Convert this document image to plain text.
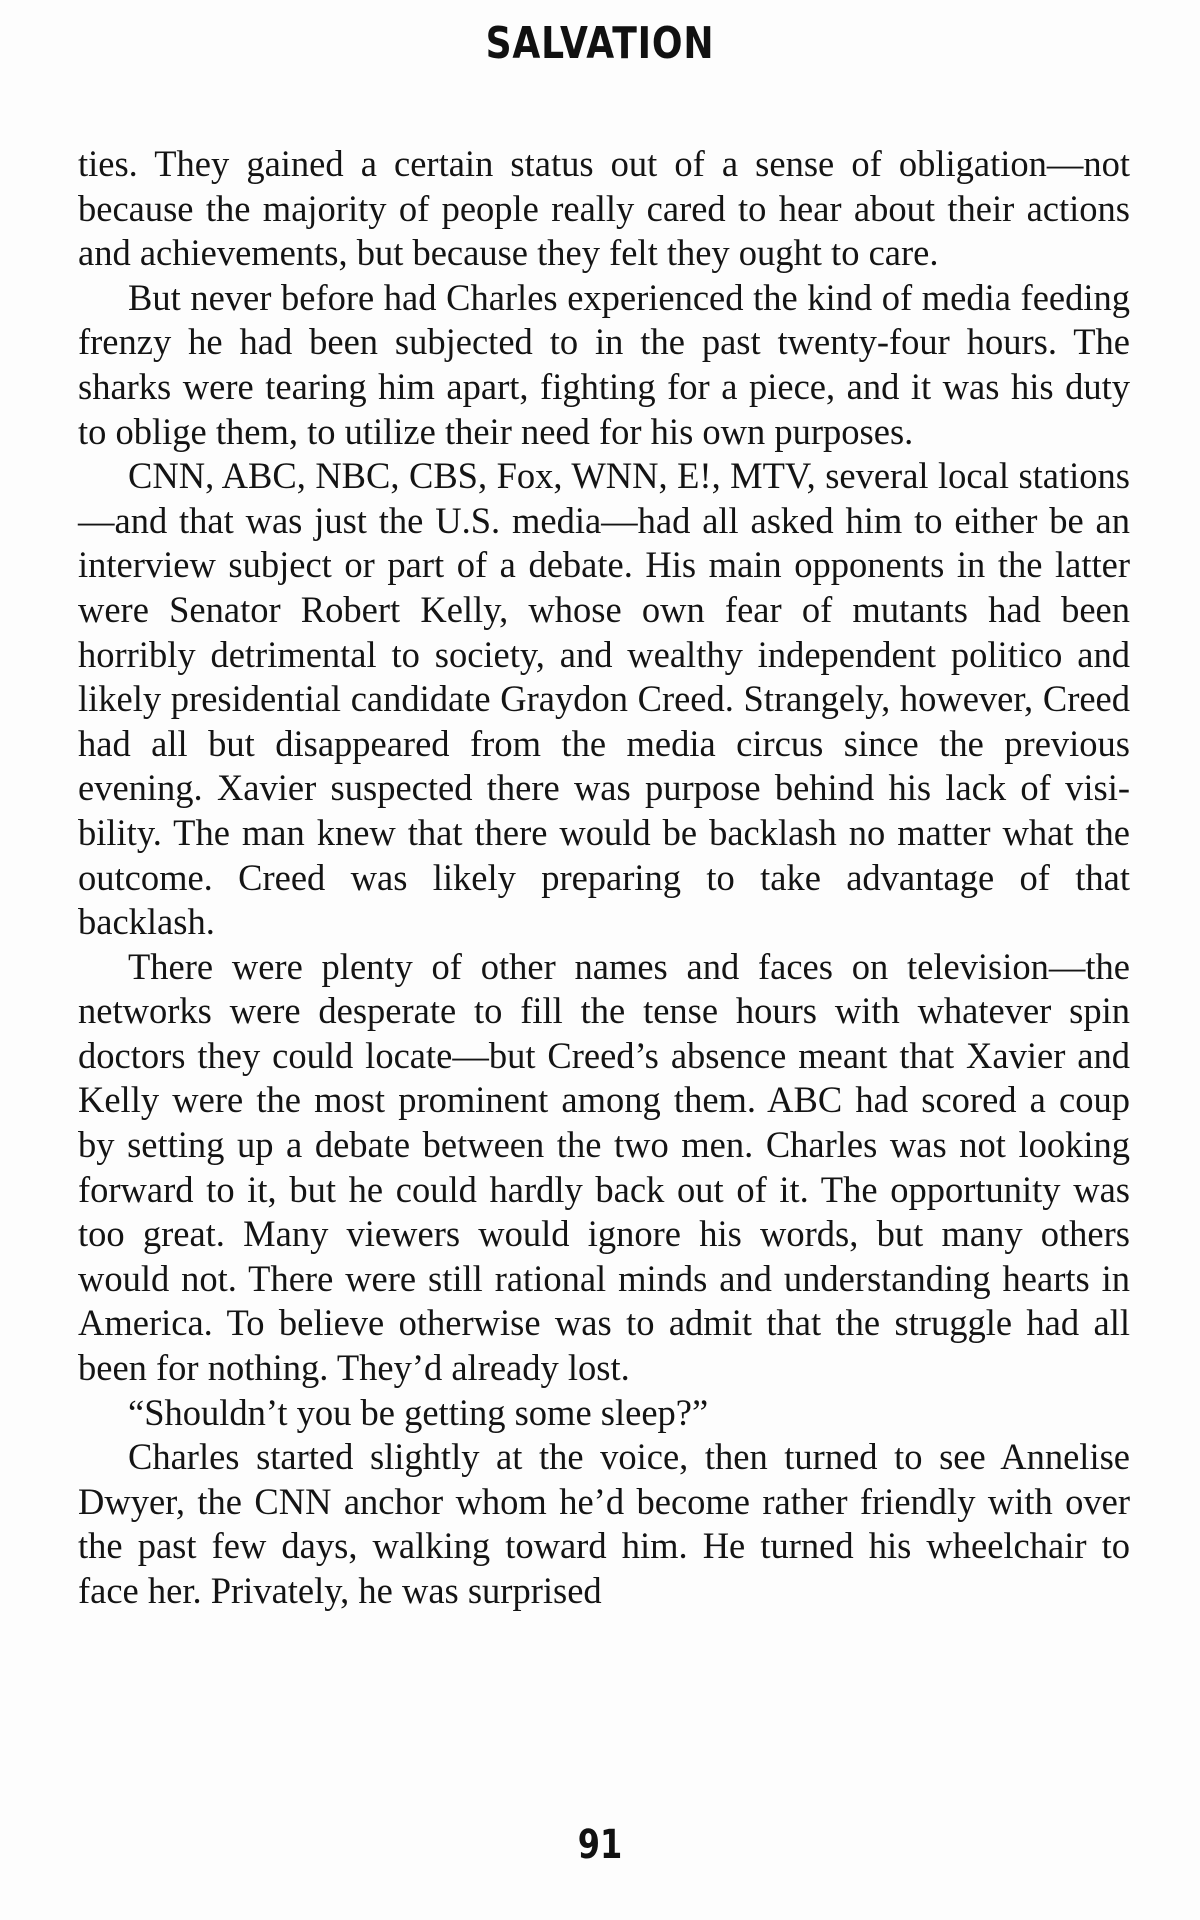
SALVATION

ties. They gained a certain status out of a sense of obligation—not because the majority of people really cared to hear about their actions and achievements, but because they felt they ought to care.

But never before had Charles experienced the kind of media feeding frenzy he had been subjected to in the past twenty-four hours. The sharks were tearing him apart, fighting for a piece, and it was his duty to oblige them, to utilize their need for his own purposes.

CNN, ABC, NBC, CBS, Fox, WNN, E!, MTV, several local stations—and that was just the U.S. media—had all asked him to either be an interview subject or part of a debate. His main opponents in the latter were Senator Robert Kelly, whose own fear of mutants had been horribly detrimental to society, and wealthy independent politico and likely presidential candidate Graydon Creed. Strangely, however, Creed had all but disappeared from the media circus since the previous evening. Xavier suspected there was purpose behind his lack of visibility. The man knew that there would be backlash no matter what the outcome. Creed was likely preparing to take advantage of that backlash.

There were plenty of other names and faces on television—the networks were desperate to fill the tense hours with whatever spin doctors they could locate—but Creed’s absence meant that Xavier and Kelly were the most prominent among them. ABC had scored a coup by setting up a debate between the two men. Charles was not looking forward to it, but he could hardly back out of it. The opportunity was too great. Many viewers would ignore his words, but many others would not. There were still rational minds and understanding hearts in America. To believe otherwise was to admit that the struggle had all been for nothing. They’d already lost.

“Shouldn’t you be getting some sleep?”

Charles started slightly at the voice, then turned to see Annelise Dwyer, the CNN anchor whom he’d become rather friendly with over the past few days, walking toward him. He turned his wheelchair to face her. Privately, he was surprised

91
